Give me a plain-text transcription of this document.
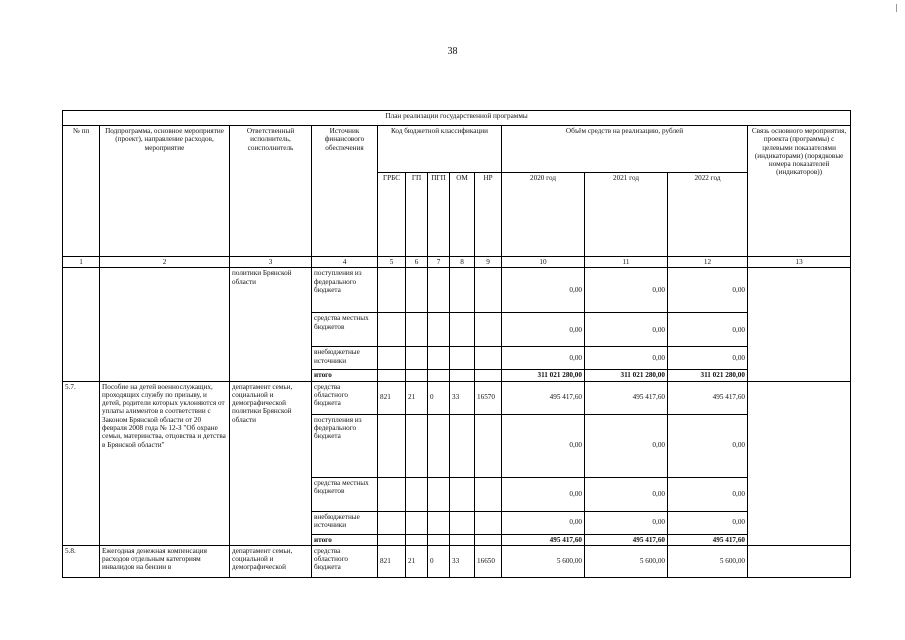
38
План реализации государственной программы												
№ пп	Подпрограмма, основное мероприятие (проект), направление расходов, мероприятие	Ответственный исполнитель, соисполнитель	Источник финансового обеспечения	Код бюджетной классификации					Объём средств на реализацию, рублей			Связь основного мероприятия, проекта (программы) с целевыми показателями (индикаторами) (порядковые номера показателей (индикаторов))
				ГРБС	ГП	ПГП	ОМ	НР	2020 год	2021 год	2022 год	
1	2	3	4	5	6	7	8	9	10	11	12	13
		политики Брянской области	поступления из федерального бюджета						0,00	0,00	0,00	
			средства местных бюджетов						0,00	0,00	0,00	
			внебюджетные источники						0,00	0,00	0,00	
			итого						311 021 280,00	311 021 280,00	311 021 280,00	
5.7.	Пособие на детей военнослужащих, проходящих службу по призыву, и детей, родители которых уклоняются от уплаты алиментов в соответствии с Законом Брянской области от 20 февраля 2008 года № 12-З "Об охране семьи, материнства, отцовства и детства в Брянской области"	департамент семьи, социальной и демографической политики Брянской области	средства областного бюджета	821	21	0	33	16570	495 417,60	495 417,60	495 417,60	
			поступления из федерального бюджета						0,00	0,00	0,00	
			средства местных бюджетов						0,00	0,00	0,00	
			внебюджетные источники						0,00	0,00	0,00	
			итого						495 417,60	495 417,60	495 417,60	
5.8.	Ежегодная денежная компенсация расходов отдельным категориям инвалидов на бензин в	департамент семьи, социальной и демографической	средства областного бюджета	821	21	0	33	16650	5 600,00	5 600,00	5 600,00	
